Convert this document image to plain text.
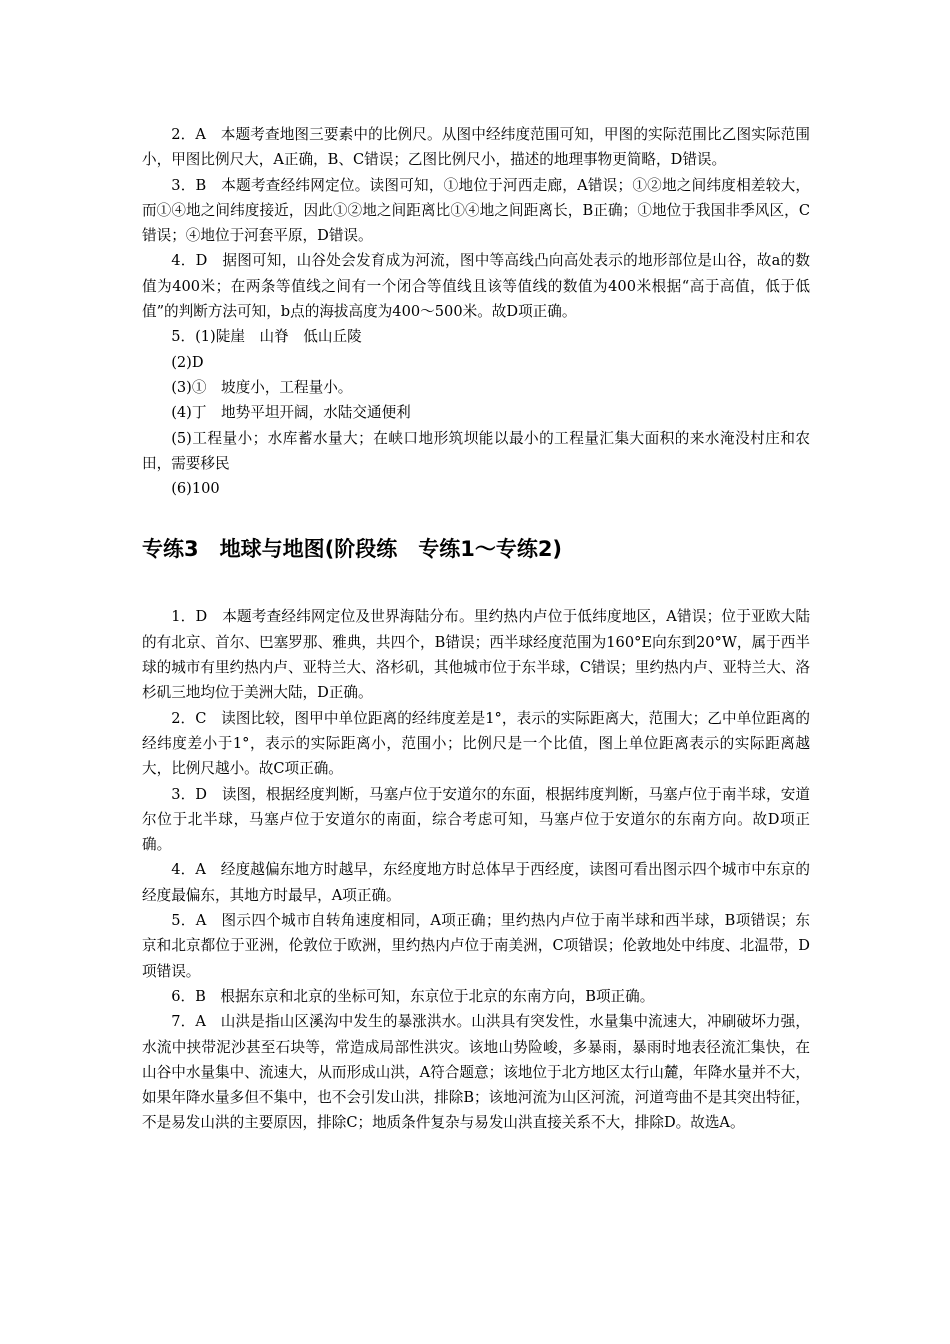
2．A　本题考查地图三要素中的比例尺。从图中经纬度范围可知，甲图的实际范围比乙图实际范围小，甲图比例尺大，A正确，B、C错误；乙图比例尺小，描述的地理事物更简略，D错误。

3．B　本题考查经纬网定位。读图可知，①地位于河西走廊，A错误；①②地之间纬度相差较大，而①④地之间纬度接近，因此①②地之间距离比①④地之间距离长，B正确；①地位于我国非季风区，C错误；④地位于河套平原，D错误。

4．D　据图可知，山谷处会发育成为河流，图中等高线凸向高处表示的地形部位是山谷，故a的数值为400米；在两条等值线之间有一个闭合等值线且该等值线的数值为400米根据“高于高值，低于低值”的判断方法可知，b点的海拔高度为400～500米。故D项正确。

5．(1)陡崖　山脊　低山丘陵

(2)D

(3)①　坡度小，工程量小。

(4)丁　地势平坦开阔，水陆交通便利

(5)工程量小；水库蓄水量大；在峡口地形筑坝能以最小的工程量汇集大面积的来水淹没村庄和农田，需要移民

(6)100

专练3　地球与地图(阶段练　专练1～专练2)

1．D　本题考查经纬网定位及世界海陆分布。里约热内卢位于低纬度地区，A错误；位于亚欧大陆的有北京、首尔、巴塞罗那、雅典，共四个，B错误；西半球经度范围为160°E向东到20°W，属于西半球的城市有里约热内卢、亚特兰大、洛杉矶，其他城市位于东半球，C错误；里约热内卢、亚特兰大、洛杉矶三地均位于美洲大陆，D正确。

2．C　读图比较，图甲中单位距离的经纬度差是1°，表示的实际距离大，范围大；乙中单位距离的经纬度差小于1°，表示的实际距离小，范围小；比例尺是一个比值，图上单位距离表示的实际距离越大，比例尺越小。故C项正确。

3．D　读图，根据经度判断，马塞卢位于安道尔的东面，根据纬度判断，马塞卢位于南半球，安道尔位于北半球，马塞卢位于安道尔的南面，综合考虑可知，马塞卢位于安道尔的东南方向。故D项正确。

4．A　经度越偏东地方时越早，东经度地方时总体早于西经度，读图可看出图示四个城市中东京的经度最偏东，其地方时最早，A项正确。

5．A　图示四个城市自转角速度相同，A项正确；里约热内卢位于南半球和西半球，B项错误；东京和北京都位于亚洲，伦敦位于欧洲，里约热内卢位于南美洲，C项错误；伦敦地处中纬度、北温带，D项错误。

6．B　根据东京和北京的坐标可知，东京位于北京的东南方向，B项正确。

7．A　山洪是指山区溪沟中发生的暴涨洪水。山洪具有突发性，水量集中流速大，冲刷破坏力强，水流中挟带泥沙甚至石块等，常造成局部性洪灾。该地山势险峻，多暴雨，暴雨时地表径流汇集快，在山谷中水量集中、流速大，从而形成山洪，A符合题意；该地位于北方地区太行山麓，年降水量并不大，如果年降水量多但不集中，也不会引发山洪，排除B；该地河流为山区河流，河道弯曲不是其突出特征，不是易发山洪的主要原因，排除C；地质条件复杂与易发山洪直接关系不大，排除D。故选A。
